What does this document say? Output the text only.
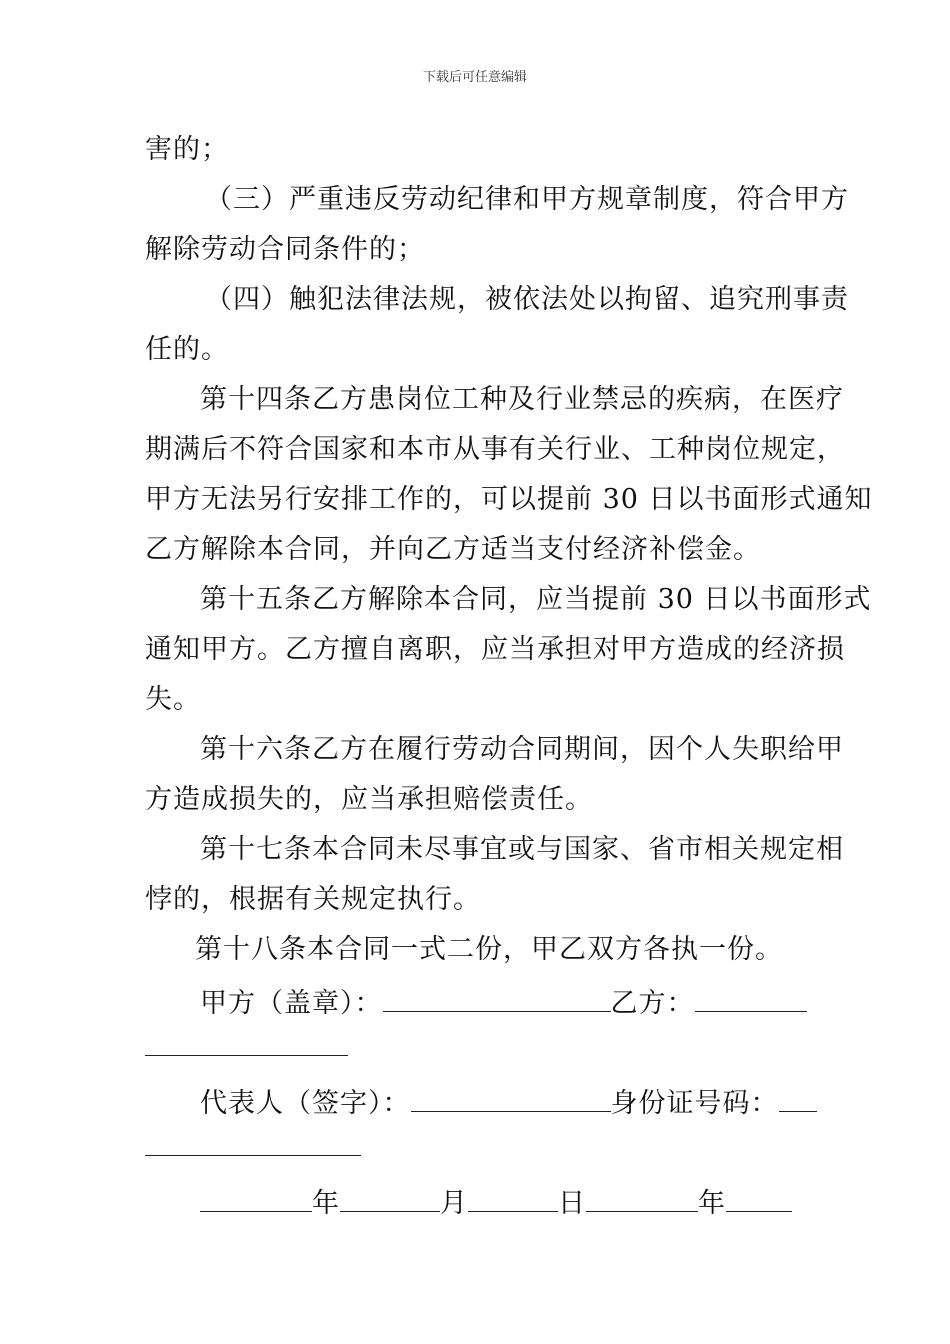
下载后可任意编辑
害的；
（三）严重违反劳动纪律和甲方规章制度，符合甲方
解除劳动合同条件的；
（四）触犯法律法规，被依法处以拘留、追究刑事责
任的。
第十四条乙方患岗位工种及行业禁忌的疾病，在医疗
期满后不符合国家和本市从事有关行业、工种岗位规定，
甲方无法另行安排工作的，可以提前 30 日以书面形式通知
乙方解除本合同，并向乙方适当支付经济补偿金。
第十五条乙方解除本合同，应当提前 30 日以书面形式
通知甲方。乙方擅自离职，应当承担对甲方造成的经济损
失。
第十六条乙方在履行劳动合同期间，因个人失职给甲
方造成损失的，应当承担赔偿责任。
第十七条本合同未尽事宜或与国家、省市相关规定相
悖的，根据有关规定执行。
第十八条本合同一式二份，甲乙双方各执一份。
甲方（盖章）：	乙方：
代表人（签字）：	身份证号码：
年	月	日	年
